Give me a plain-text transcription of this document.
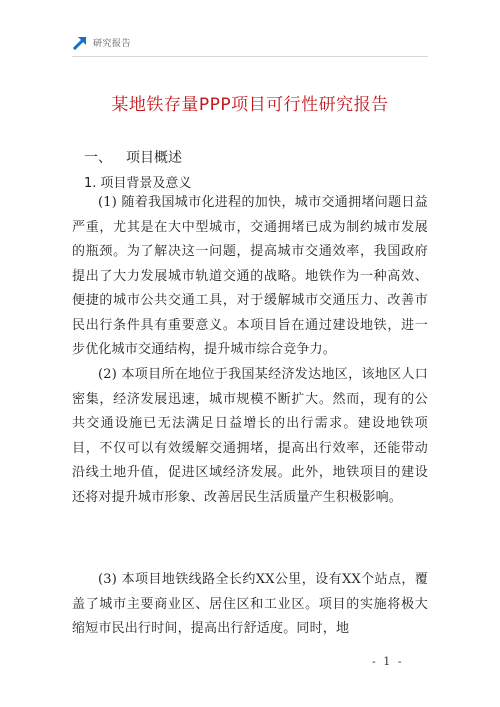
研究报告
某地铁存量PPP项目可行性研究报告
一、 项目概述
1. 项目背景及意义

(1) 随着我国城市化进程的加快，城市交通拥堵问题日益严重，尤其是在大中型城市，交通拥堵已成为制约城市发展的瓶颈。为了解决这一问题，提高城市交通效率，我国政府提出了大力发展城市轨道交通的战略。地铁作为一种高效、便捷的城市公共交通工具，对于缓解城市交通压力、改善市民出行条件具有重要意义。本项目旨在通过建设地铁，进一步优化城市交通结构，提升城市综合竞争力。

(2) 本项目所在地位于我国某经济发达地区，该地区人口密集，经济发展迅速，城市规模不断扩大。然而，现有的公共交通设施已无法满足日益增长的出行需求。建设地铁项目，不仅可以有效缓解交通拥堵，提高出行效率，还能带动沿线土地升值，促进区域经济发展。此外，地铁项目的建设还将对提升城市形象、改善居民生活质量产生积极影响。

(3) 本项目地铁线路全长约XX公里，设有XX个站点，覆盖了城市主要商业区、居住区和工业区。项目的实施将极大缩短市民出行时间，提高出行舒适度。同时，地

- 1 -
